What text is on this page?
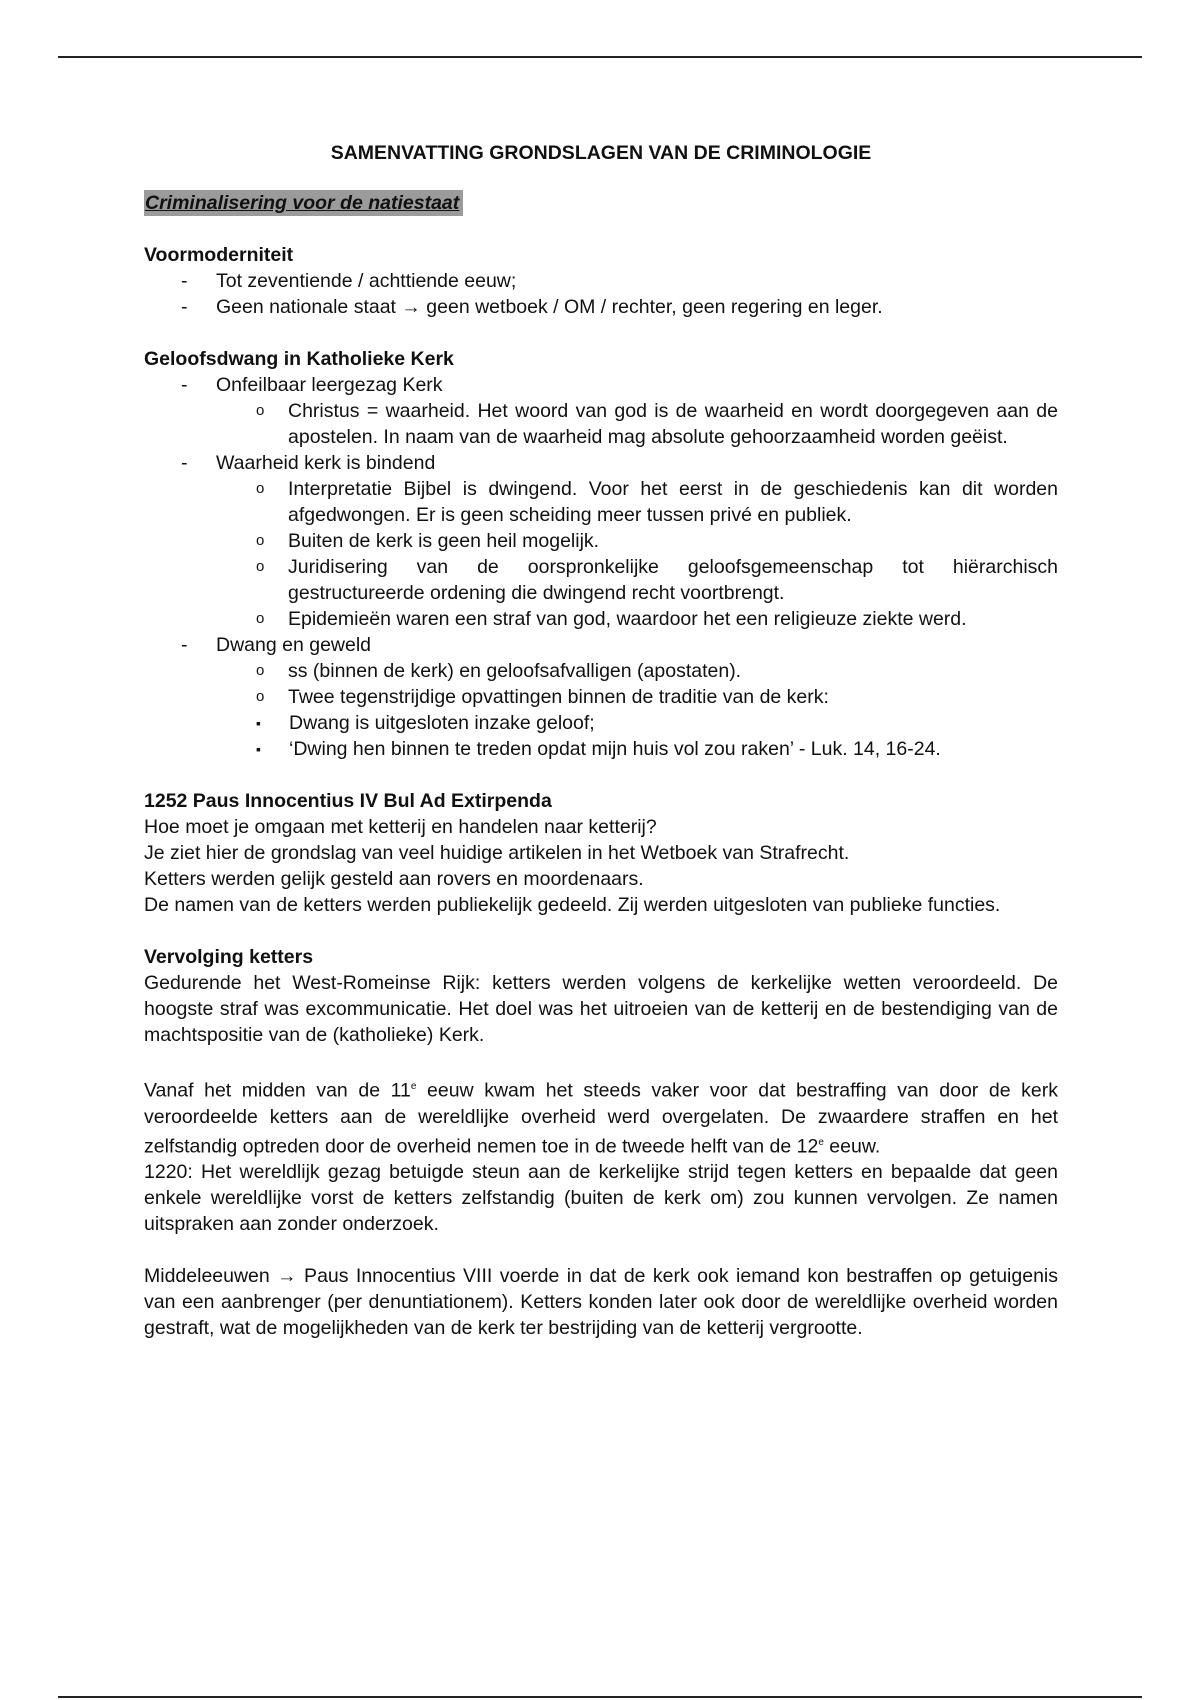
SAMENVATTING GRONDSLAGEN VAN DE CRIMINOLOGIE
Criminalisering voor de natiestaat
Voormoderniteit
- Tot zeventiende / achttiende eeuw;
- Geen nationale staat → geen wetboek / OM / rechter, geen regering en leger.
Geloofsdwang in Katholieke Kerk
- Onfeilbaar leergezag Kerk
o Christus = waarheid. Het woord van god is de waarheid en wordt doorgegeven aan de apostelen. In naam van de waarheid mag absolute gehoorzaamheid worden geëist.
- Waarheid kerk is bindend
o Interpretatie Bijbel is dwingend. Voor het eerst in de geschiedenis kan dit worden afgedwongen. Er is geen scheiding meer tussen privé en publiek.
o Buiten de kerk is geen heil mogelijk.
o Juridisering van de oorspronkelijke geloofsgemeenschap tot hiërarchisch gestructureerde ordening die dwingend recht voortbrengt.
o Epidemieën waren een straf van god, waardoor het een religieuze ziekte werd.
- Dwang en geweld
o ss (binnen de kerk) en geloofsafvalligen (apostaten).
o Twee tegenstrijdige opvattingen binnen de traditie van de kerk:
▪ Dwang is uitgesloten inzake geloof;
▪ ‘Dwing hen binnen te treden opdat mijn huis vol zou raken’ - Luk. 14, 16-24.
1252 Paus Innocentius IV Bul Ad Extirpenda

Hoe moet je omgaan met ketterij en handelen naar ketterij?

Je ziet hier de grondslag van veel huidige artikelen in het Wetboek van Strafrecht.

Ketters werden gelijk gesteld aan rovers en moordenaars.

De namen van de ketters werden publiekelijk gedeeld. Zij werden uitgesloten van publieke functies.

Vervolging ketters

Gedurende het West-Romeinse Rijk: ketters werden volgens de kerkelijke wetten veroordeeld. De hoogste straf was excommunicatie. Het doel was het uitroeien van de ketterij en de bestendiging van de machtspositie van de (katholieke) Kerk.

Vanaf het midden van de 11e eeuw kwam het steeds vaker voor dat bestraffing van door de kerk veroordeelde ketters aan de wereldlijke overheid werd overgelaten. De zwaardere straffen en het zelfstandig optreden door de overheid nemen toe in de tweede helft van de 12e eeuw.

1220: Het wereldlijk gezag betuigde steun aan de kerkelijke strijd tegen ketters en bepaalde dat geen enkele wereldlijke vorst de ketters zelfstandig (buiten de kerk om) zou kunnen vervolgen. Ze namen uitspraken aan zonder onderzoek.

Middeleeuwen → Paus Innocentius VIII voerde in dat de kerk ook iemand kon bestraffen op getuigenis van een aanbrenger (per denuntiationem). Ketters konden later ook door de wereldlijke overheid worden gestraft, wat de mogelijkheden van de kerk ter bestrijding van de ketterij vergrootte.
